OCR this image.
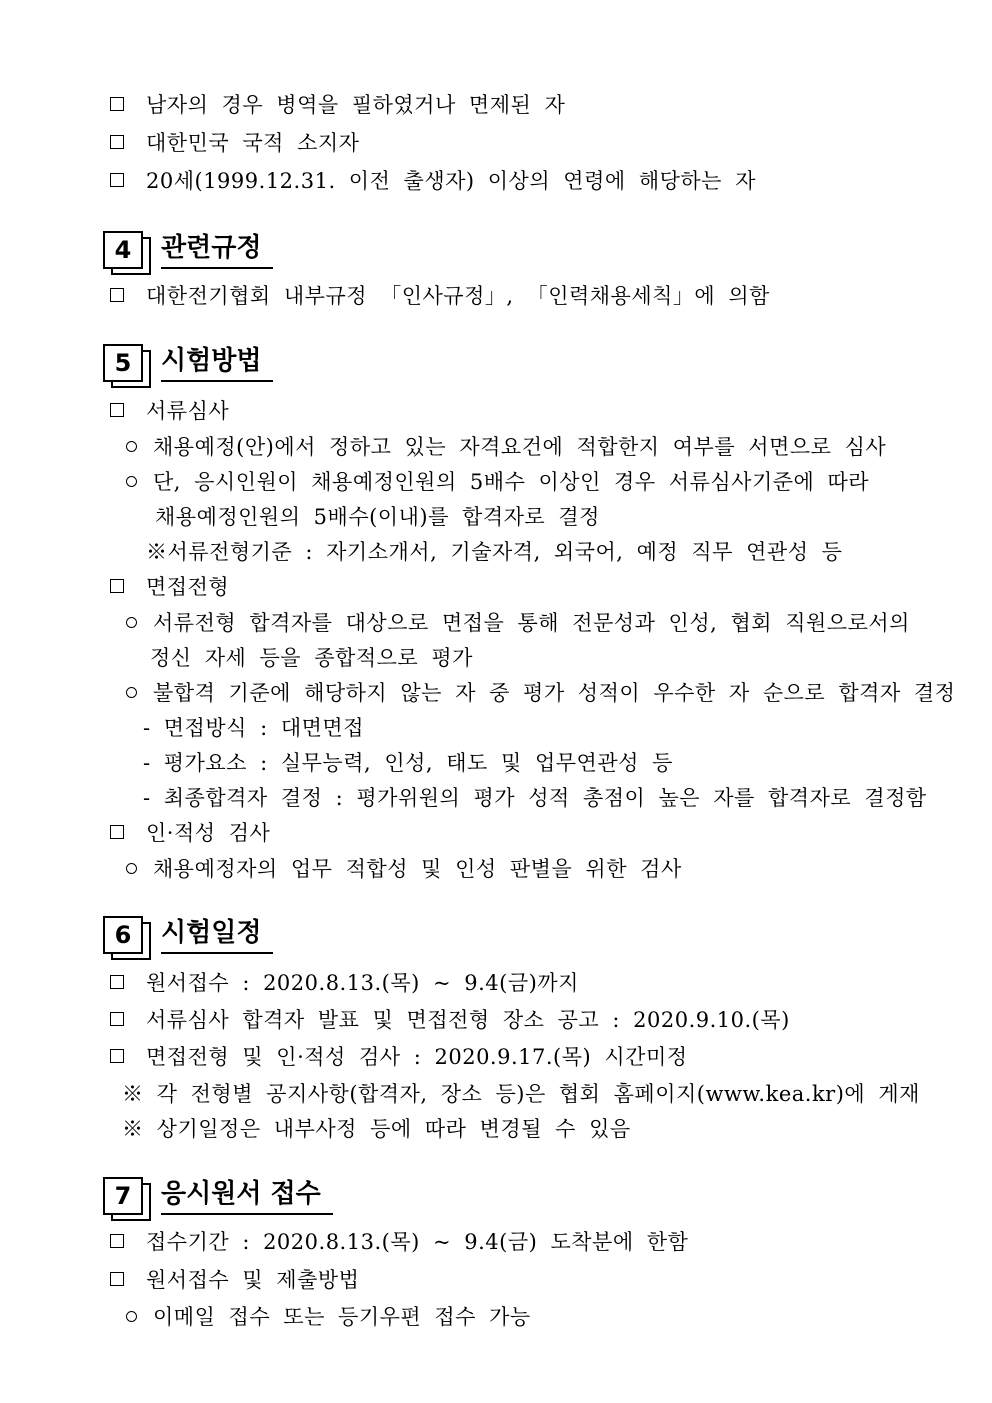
남자의 경우 병역을 필하였거나 면제된 자
대한민국 국적 소지자
20세(1999.12.31. 이전 출생자) 이상의 연령에 해당하는 자
4	관련규정
대한전기협회 내부규정 「인사규정」, 「인력채용세칙」에 의함
5	시험방법
서류심사
채용예정(안)에서 정하고 있는 자격요건에 적합한지 여부를 서면으로 심사
단, 응시인원이 채용예정인원의 5배수 이상인 경우 서류심사기준에 따라
채용예정인원의 5배수(이내)를 합격자로 결정
※서류전형기준 : 자기소개서, 기술자격, 외국어, 예정 직무 연관성 등
면접전형
서류전형 합격자를 대상으로 면접을 통해 전문성과 인성, 협회 직원으로서의
정신 자세 등을 종합적으로 평가
불합격 기준에 해당하지 않는 자 중 평가 성적이 우수한 자 순으로 합격자 결정
- 면접방식 : 대면면접
- 평가요소 : 실무능력, 인성, 태도 및 업무연관성 등
- 최종합격자 결정 : 평가위원의 평가 성적 총점이 높은 자를 합격자로 결정함
인·적성 검사
채용예정자의 업무 적합성 및 인성 판별을 위한 검사
6	시험일정
원서접수 : 2020.8.13.(목) ~ 9.4(금)까지
서류심사 합격자 발표 및 면접전형 장소 공고 : 2020.9.10.(목)
면접전형 및 인·적성 검사 : 2020.9.17.(목) 시간미정
※ 각 전형별 공지사항(합격자, 장소 등)은 협회 홈페이지(www.kea.kr)에 게재
※ 상기일정은 내부사정 등에 따라 변경될 수 있음
7	응시원서 접수
접수기간 : 2020.8.13.(목) ~ 9.4(금) 도착분에 한함
원서접수 및 제출방법
이메일 접수 또는 등기우편 접수 가능
